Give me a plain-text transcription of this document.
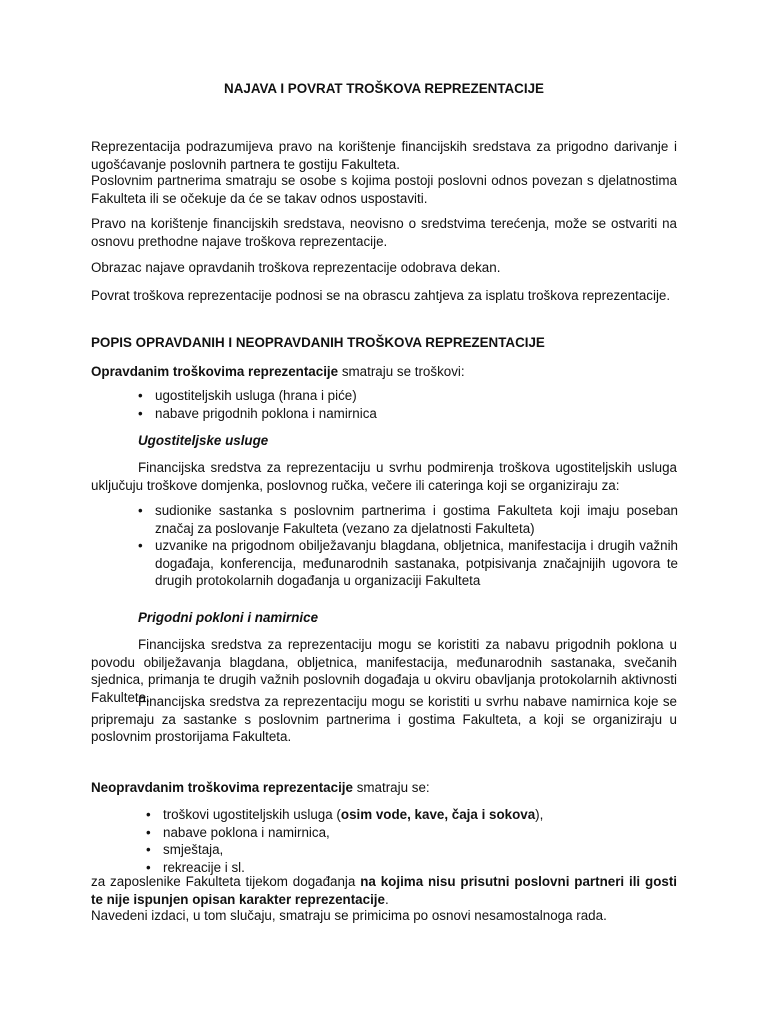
NAJAVA I POVRAT TROŠKOVA REPREZENTACIJE

Reprezentacija podrazumijeva pravo na korištenje financijskih sredstava za prigodno darivanje i ugošćavanje poslovnih partnera te gostiju Fakulteta.

Poslovnim partnerima smatraju se osobe s kojima postoji poslovni odnos povezan s djelatnostima Fakulteta ili se očekuje da će se takav odnos uspostaviti.

Pravo na korištenje financijskih sredstava, neovisno o sredstvima terećenja, može se ostvariti na osnovu prethodne najave troškova reprezentacije.

Obrazac najave opravdanih troškova reprezentacije odobrava dekan.

Povrat troškova reprezentacije podnosi se na obrascu zahtjeva za isplatu troškova reprezentacije.

POPIS OPRAVDANIH I NEOPRAVDANIH TROŠKOVA REPREZENTACIJE

Opravdanim troškovima reprezentacije smatraju se troškovi:

• ugostiteljskih usluga (hrana i piće)
• nabave prigodnih poklona i namirnica

Ugostiteljske usluge

Financijska sredstva za reprezentaciju u svrhu podmirenja troškova ugostiteljskih usluga uključuju troškove domjenka, poslovnog ručka, večere ili cateringa koji se organiziraju za:

• sudionike sastanka s poslovnim partnerima i gostima Fakulteta koji imaju poseban značaj za poslovanje Fakulteta (vezano za djelatnosti Fakulteta)
• uzvanike na prigodnom obilježavanju blagdana, obljetnica, manifestacija i drugih važnih događaja, konferencija, međunarodnih sastanaka, potpisivanja značajnijih ugovora te drugih protokolarnih događanja u organizaciji Fakulteta

Prigodni pokloni i namirnice

Financijska sredstva za reprezentaciju mogu se koristiti za nabavu prigodnih poklona u povodu obilježavanja blagdana, obljetnica, manifestacija, međunarodnih sastanaka, svečanih sjednica, primanja te drugih važnih poslovnih događaja u okviru obavljanja protokolarnih aktivnosti Fakulteta.

Financijska sredstva za reprezentaciju mogu se koristiti u svrhu nabave namirnica koje se pripremaju za sastanke s poslovnim partnerima i gostima Fakulteta, a koji se organiziraju u poslovnim prostorijama Fakulteta.

Neopravdanim troškovima reprezentacije smatraju se:

• troškovi ugostiteljskih usluga (osim vode, kave, čaja i sokova),
• nabave poklona i namirnica,
• smještaja,
• rekreacije i sl.

za zaposlenike Fakulteta tijekom događanja na kojima nisu prisutni poslovni partneri ili gosti te nije ispunjen opisan karakter reprezentacije.

Navedeni izdaci, u tom slučaju, smatraju se primicima po osnovi nesamostalnoga rada.
